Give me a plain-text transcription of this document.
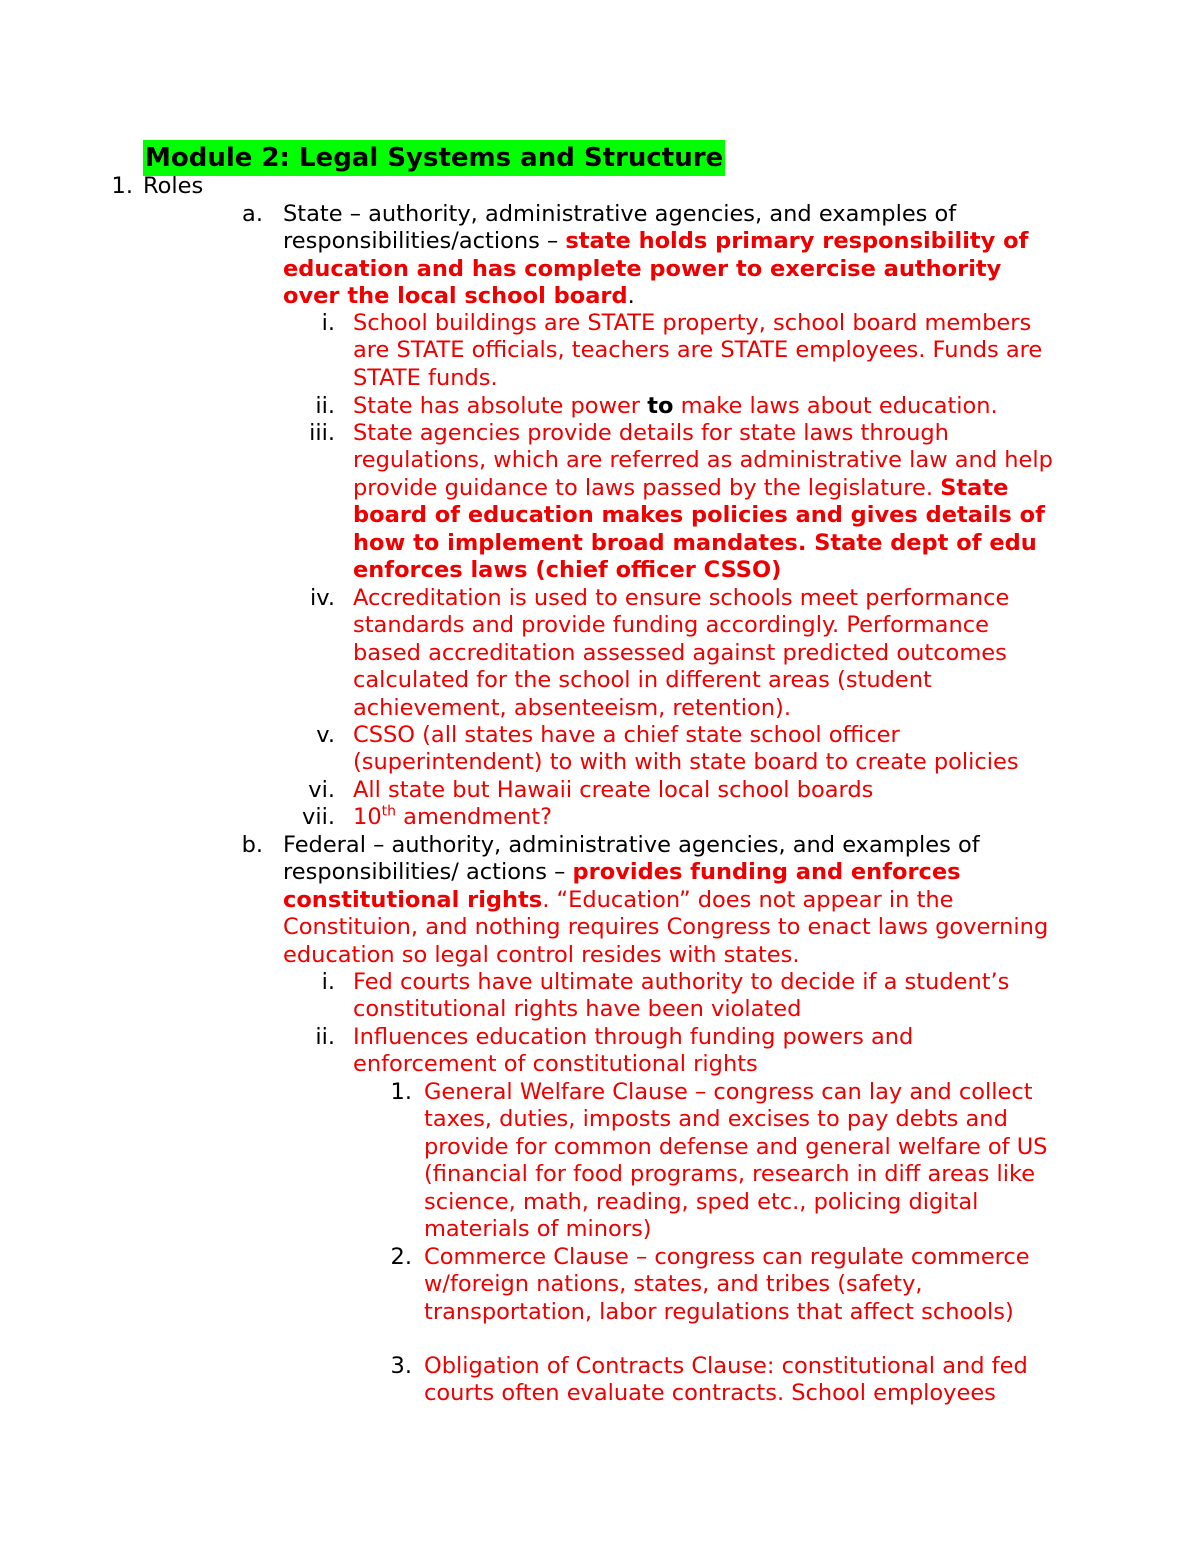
Module 2: Legal Systems and Structure
1. Roles
a. State – authority, administrative agencies, and examples of responsibilities/actions – state holds primary responsibility of education and has complete power to exercise authority over the local school board.
i. School buildings are STATE property, school board members are STATE officials, teachers are STATE employees. Funds are STATE funds.
ii. State has absolute power to make laws about education.
iii. State agencies provide details for state laws through regulations, which are referred as administrative law and help provide guidance to laws passed by the legislature. State board of education makes policies and gives details of how to implement broad mandates. State dept of edu enforces laws (chief officer CSSO)
iv. Accreditation is used to ensure schools meet performance standards and provide funding accordingly. Performance based accreditation assessed against predicted outcomes calculated for the school in different areas (student achievement, absenteeism, retention).
v. CSSO (all states have a chief state school officer (superintendent) to with with state board to create policies
vi. All state but Hawaii create local school boards
vii. 10th amendment?
b. Federal – authority, administrative agencies, and examples of responsibilities/ actions – provides funding and enforces constitutional rights. “Education” does not appear in the Constituion, and nothing requires Congress to enact laws governing education so legal control resides with states.
i. Fed courts have ultimate authority to decide if a student’s constitutional rights have been violated
ii. Influences education through funding powers and enforcement of constitutional rights
1. General Welfare Clause – congress can lay and collect taxes, duties, imposts and excises to pay debts and provide for common defense and general welfare of US (financial for food programs, research in diff areas like science, math, reading, sped etc., policing digital materials of minors)
2. Commerce Clause – congress can regulate commerce w/foreign nations, states, and tribes (safety, transportation, labor regulations that affect schools)
3. Obligation of Contracts Clause: constitutional and fed courts often evaluate contracts. School employees
